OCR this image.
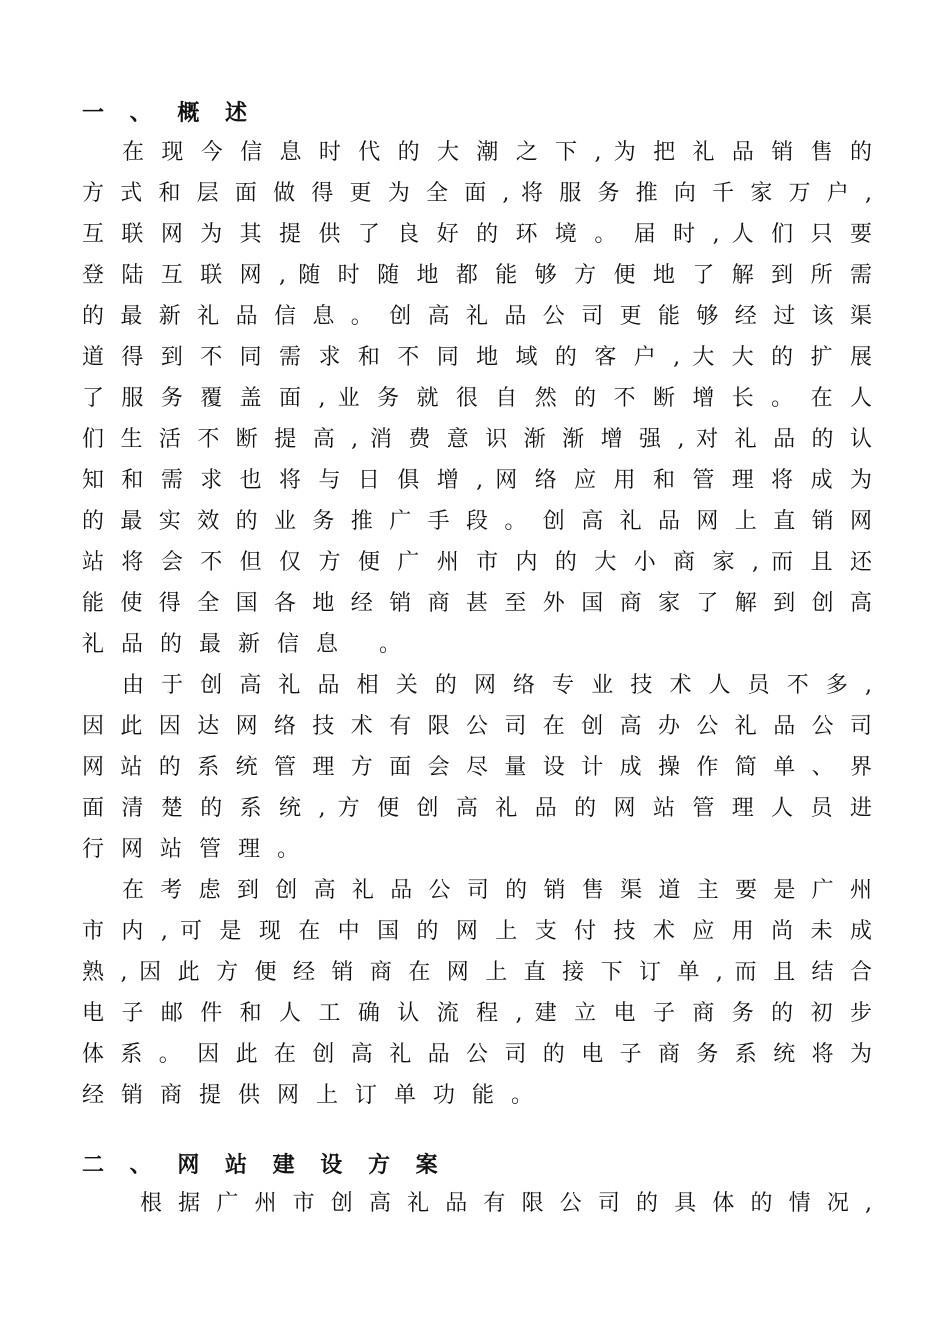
一 、 概 述
在 现 今 信 息 时 代 的 大 潮 之 下 , 为 把 礼 品 销 售 的
方 式 和 层 面 做 得 更 为 全 面 , 将 服 务 推 向 千 家 万 户 ,
互 联 网 为 其 提 供 了 良 好 的 环 境 。 届 时 , 人 们 只 要
登 陆 互 联 网 , 随 时 随 地 都 能 够 方 便 地 了 解 到 所 需
的 最 新 礼 品 信 息 。 创 高 礼 品 公 司 更 能 够 经 过 该 渠
道 得 到 不 同 需 求 和 不 同 地 域 的 客 户 , 大 大 的 扩 展
了 服 务 覆 盖 面 , 业 务 就 很 自 然 的 不 断 增 长 。 在 人
们 生 活 不 断 提 高 , 消 费 意 识 渐 渐 增 强 , 对 礼 品 的 认
知 和 需 求 也 将 与 日 俱 增 , 网 络 应 用 和 管 理 将 成 为
的 最 实 效 的 业 务 推 广 手 段 。 创 高 礼 品 网 上 直 销 网
站 将 会 不 但 仅 方 便 广 州 市 内 的 大 小 商 家 , 而 且 还
能 使 得 全 国 各 地 经 销 商 甚 至 外 国 商 家 了 解 到 创 高
礼品的最新信息 。
由 于 创 高 礼 品 相 关 的 网 络 专 业 技 术 人 员 不 多 ,
因 此 因 达 网 络 技 术 有 限 公 司 在 创 高 办 公 礼 品 公 司
网 站 的 系 统 管 理 方 面 会 尽 量 设 计 成 操 作 简 单 、 界
面 清 楚 的 系 统 , 方 便 创 高 礼 品 的 网 站 管 理 人 员 进
行网站管理。
在 考 虑 到 创 高 礼 品 公 司 的 销 售 渠 道 主 要 是 广 州
市 内 , 可 是 现 在 中 国 的 网 上 支 付 技 术 应 用 尚 未 成
熟 , 因 此 方 便 经 销 商 在 网 上 直 接 下 订 单 , 而 且 结 合
电 子 邮 件 和 人 工 确 认 流 程 , 建 立 电 子 商 务 的 初 步
体 系 。 因 此 在 创 高 礼 品 公 司 的 电 子 商 务 系 统 将 为
经销商提供网上订单功能。
二 、 网 站 建 设 方 案
根 据 广 州 市 创 高 礼 品 有 限 公 司 的 具 体 的 情 况 ,
